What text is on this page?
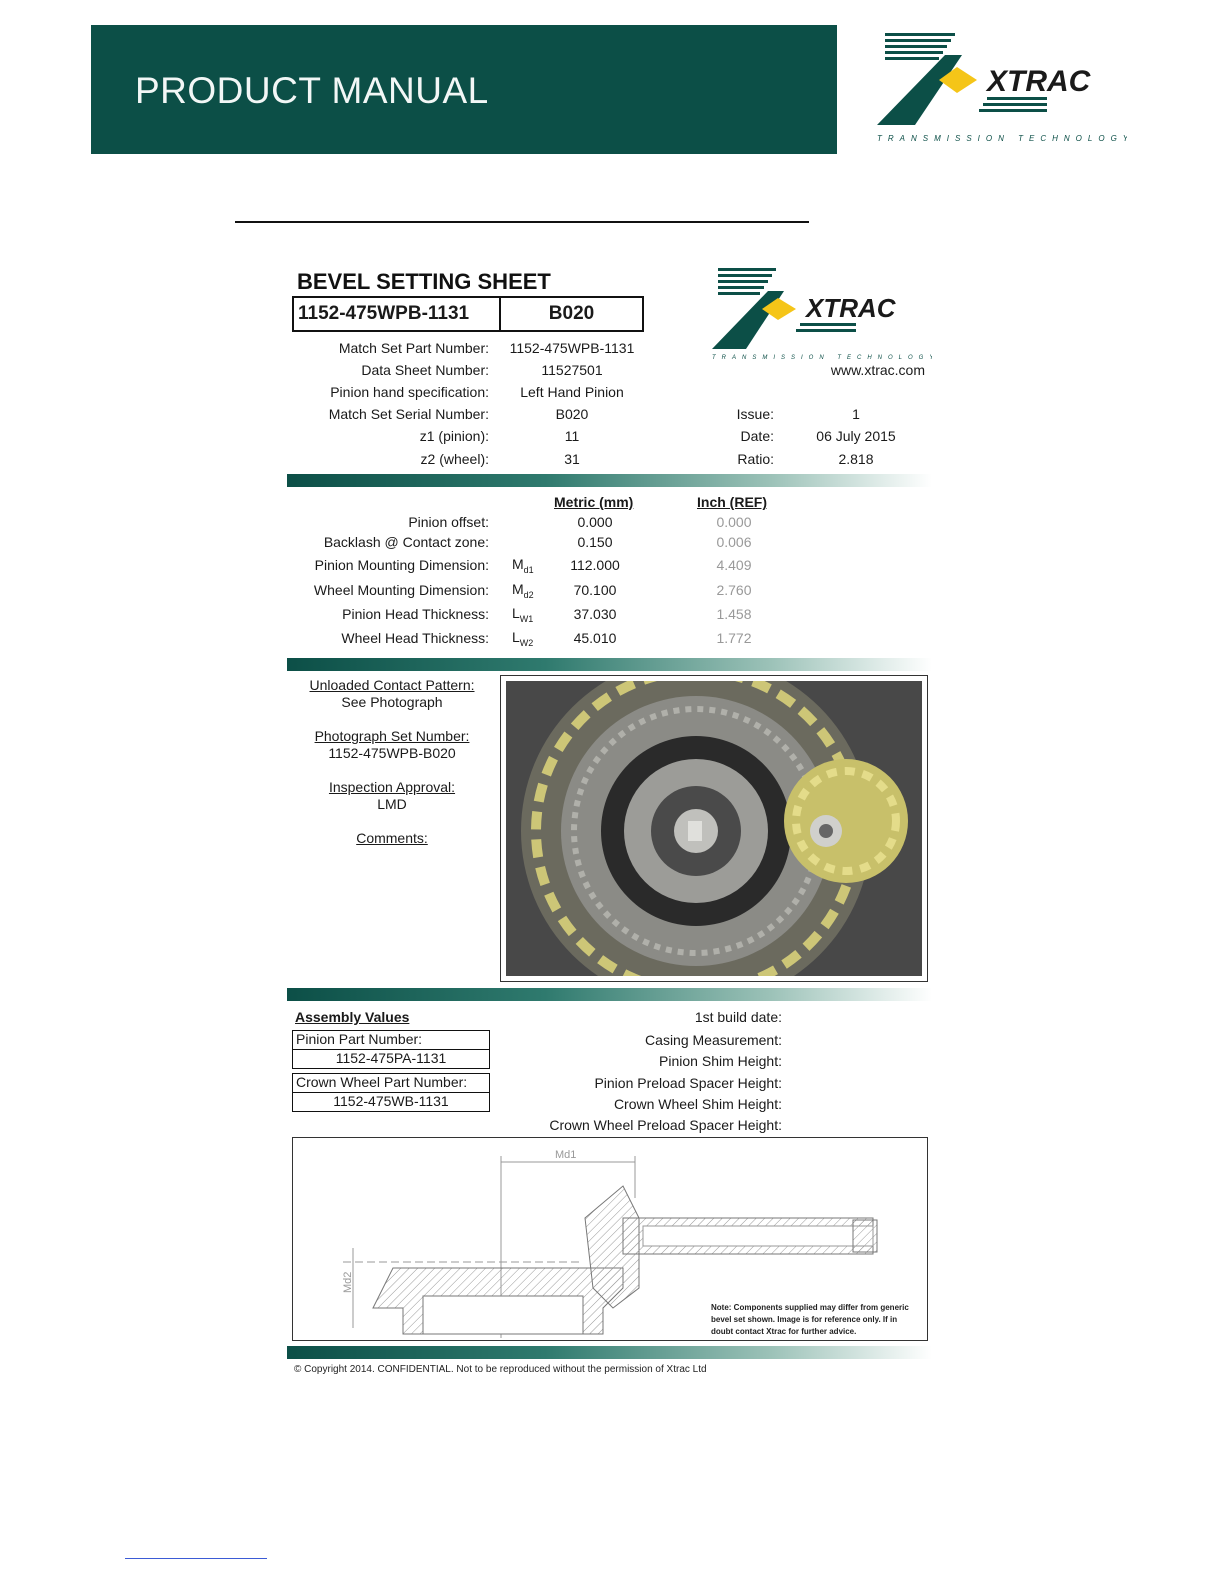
PRODUCT MANUAL	XTRAC
TRANSMISSION TECHNOLOGY
BEVEL SETTING SHEET
1152-475WPB-1131	B020	XTRAC
TRANSMISSION TECHNOLOGY
www.xtrac.com
Match Set Part Number:	1152-475WPB-1131
Data Sheet Number:	11527501
Pinion hand specification:	Left Hand Pinion
Match Set Serial Number:	B020
z1 (pinion):	11
z2 (wheel):	31
Issue:	1
Date:	06 July 2015
Ratio:	2.818
Metric (mm)	Inch (REF)
Pinion offset:	0.000	0.000
Backlash @ Contact zone:	0.150	0.006
Pinion Mounting Dimension: $M_{d1}$	112.000	4.409
Wheel Mounting Dimension: $M_{d2}$	70.100	2.760
Pinion Head Thickness: $L_{W1}$	37.030	1.458
Wheel Head Thickness: $L_{W2}$	45.010	1.772
Unloaded Contact Pattern:
See Photograph
Photograph Set Number:
1152-475WPB-B020
Inspection Approval:
LMD
Comments:
Assembly Values
Pinion Part Number:
1152-475PA-1131
Crown Wheel Part Number:
1152-475WB-1131
1st build date:
Casing Measurement:
Pinion Shim Height:
Pinion Preload Spacer Height:
Crown Wheel Shim Height:
Crown Wheel Preload Spacer Height:
Md1
Md2
Note: Components supplied may differ from generic bevel set shown. Image is for reference only. If in doubt contact Xtrac for further advice.
© Copyright 2014. CONFIDENTIAL. Not to be reproduced without the permission of Xtrac Ltd
